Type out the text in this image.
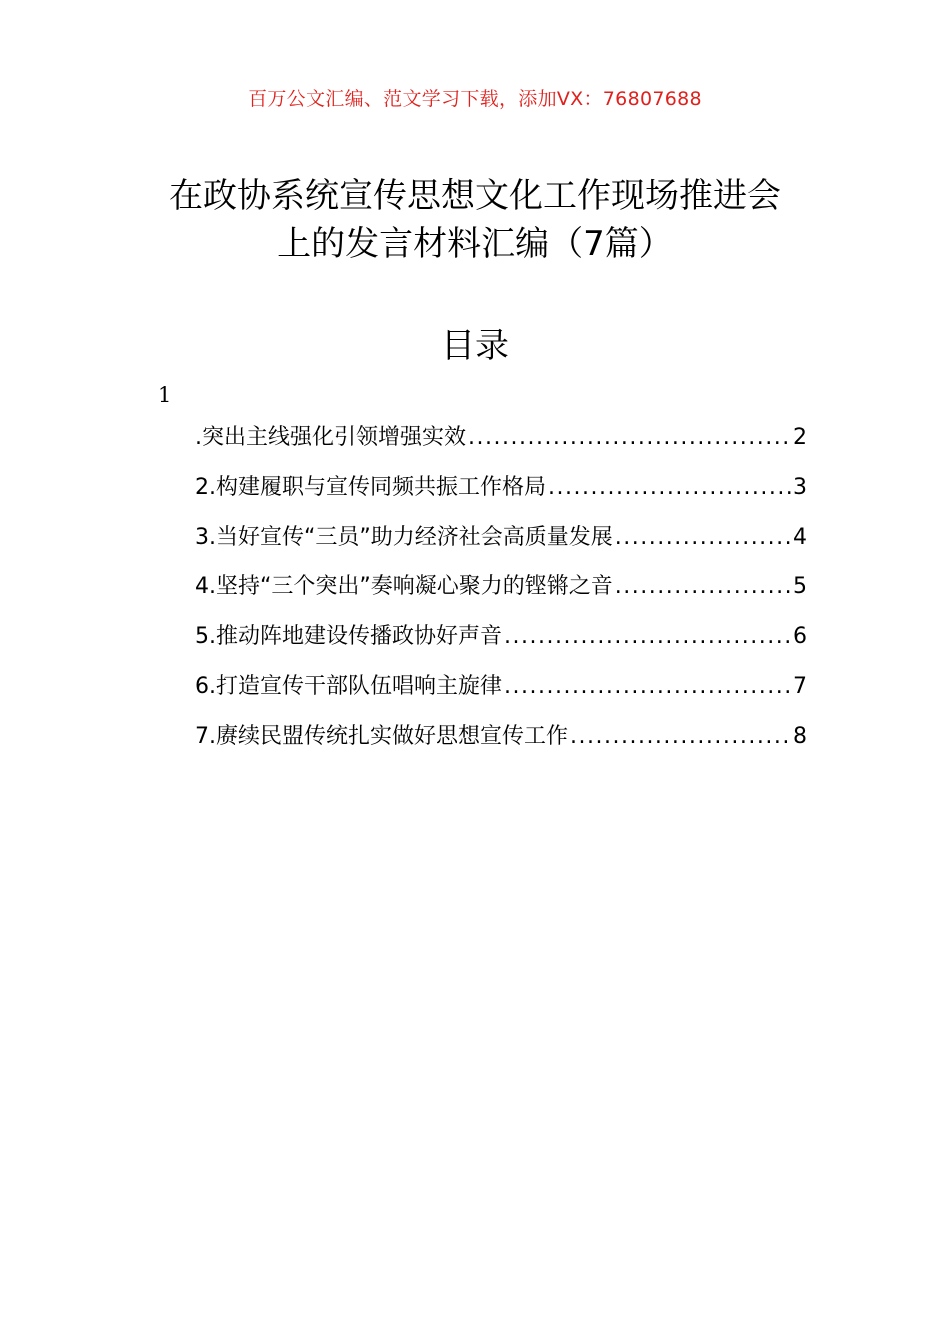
百万公文汇编、范文学习下载，添加VX：76807688
在政协系统宣传思想文化工作现场推进会
上的发言材料汇编（7篇）
目录
1
.突出主线强化引领增强实效 .....	2
2.构建履职与宣传同频共振工作格局 .....	3
3.当好宣传“三员”助力经济社会高质量发展 .....	4
4.坚持“三个突出”奏响凝心聚力的铿锵之音 .....	5
5.推动阵地建设传播政协好声音 .....	6
6.打造宣传干部队伍唱响主旋律 .....	7
7.赓续民盟传统扎实做好思想宣传工作 .....	8
